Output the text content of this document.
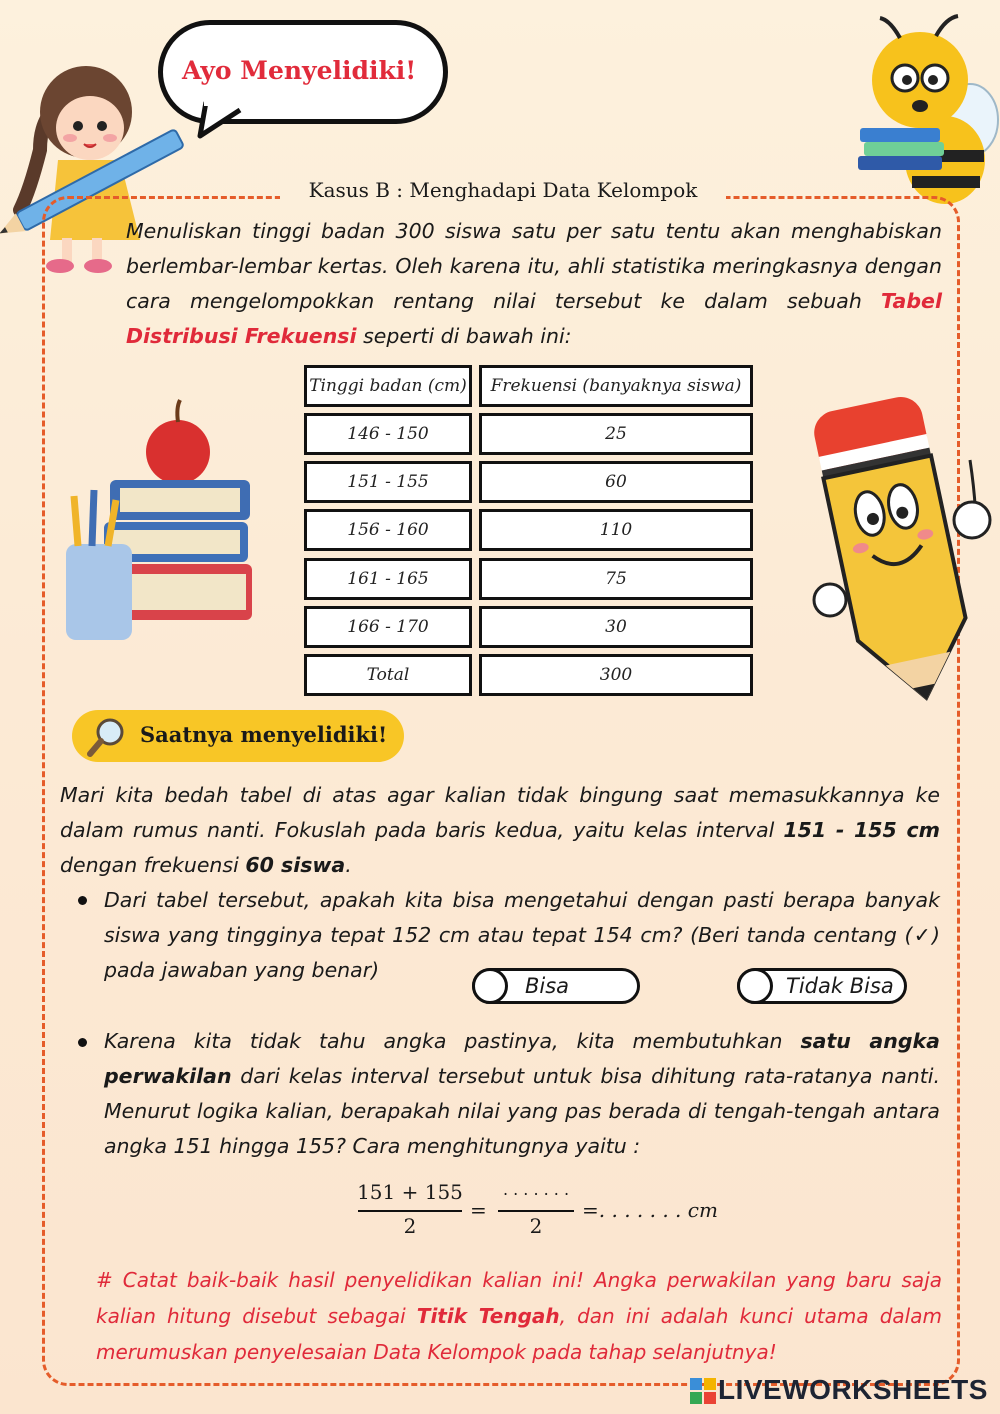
Ayo Menyelidiki!
Kasus B : Menghadapi Data Kelompok
Menuliskan tinggi badan 300 siswa satu per satu tentu akan menghabiskan berlembar-lembar kertas. Oleh karena itu, ahli statistika meringkasnya dengan cara mengelompokkan rentang nilai tersebut ke dalam sebuah Tabel Distribusi Frekuensi seperti di bawah ini:
Tinggi badan (cm)	Frekuensi (banyaknya siswa)
146 - 150	25
151 - 155	60
156 - 160	110
161 - 165	75
166 - 170	30
Total	300
Saatnya menyelidiki!
Mari kita bedah tabel di atas agar kalian tidak bingung saat memasukkannya ke dalam rumus nanti. Fokuslah pada baris kedua, yaitu kelas interval 151 - 155 cm dengan frekuensi 60 siswa.
Dari tabel tersebut, apakah kita bisa mengetahui dengan pasti berapa banyak siswa yang tingginya tepat 152 cm atau tepat 154 cm? (Beri tanda centang (✓) pada jawaban yang benar)
Bisa	Tidak Bisa
Karena kita tidak tahu angka pastinya, kita membutuhkan satu angka perwakilan dari kelas interval tersebut untuk bisa dihitung rata-ratanya nanti. Menurut logika kalian, berapakah nilai yang pas berada di tengah-tengah antara angka 151 hingga 155? Cara menghitungnya yaitu :
151 + 155
2
=
. . . . . . .
2
=. . . . . . . cm
# Catat baik-baik hasil penyelidikan kalian ini! Angka perwakilan yang baru saja kalian hitung disebut sebagai Titik Tengah, dan ini adalah kunci utama dalam merumuskan penyelesaian Data Kelompok pada tahap selanjutnya!
LIVEWORKSHEETS
